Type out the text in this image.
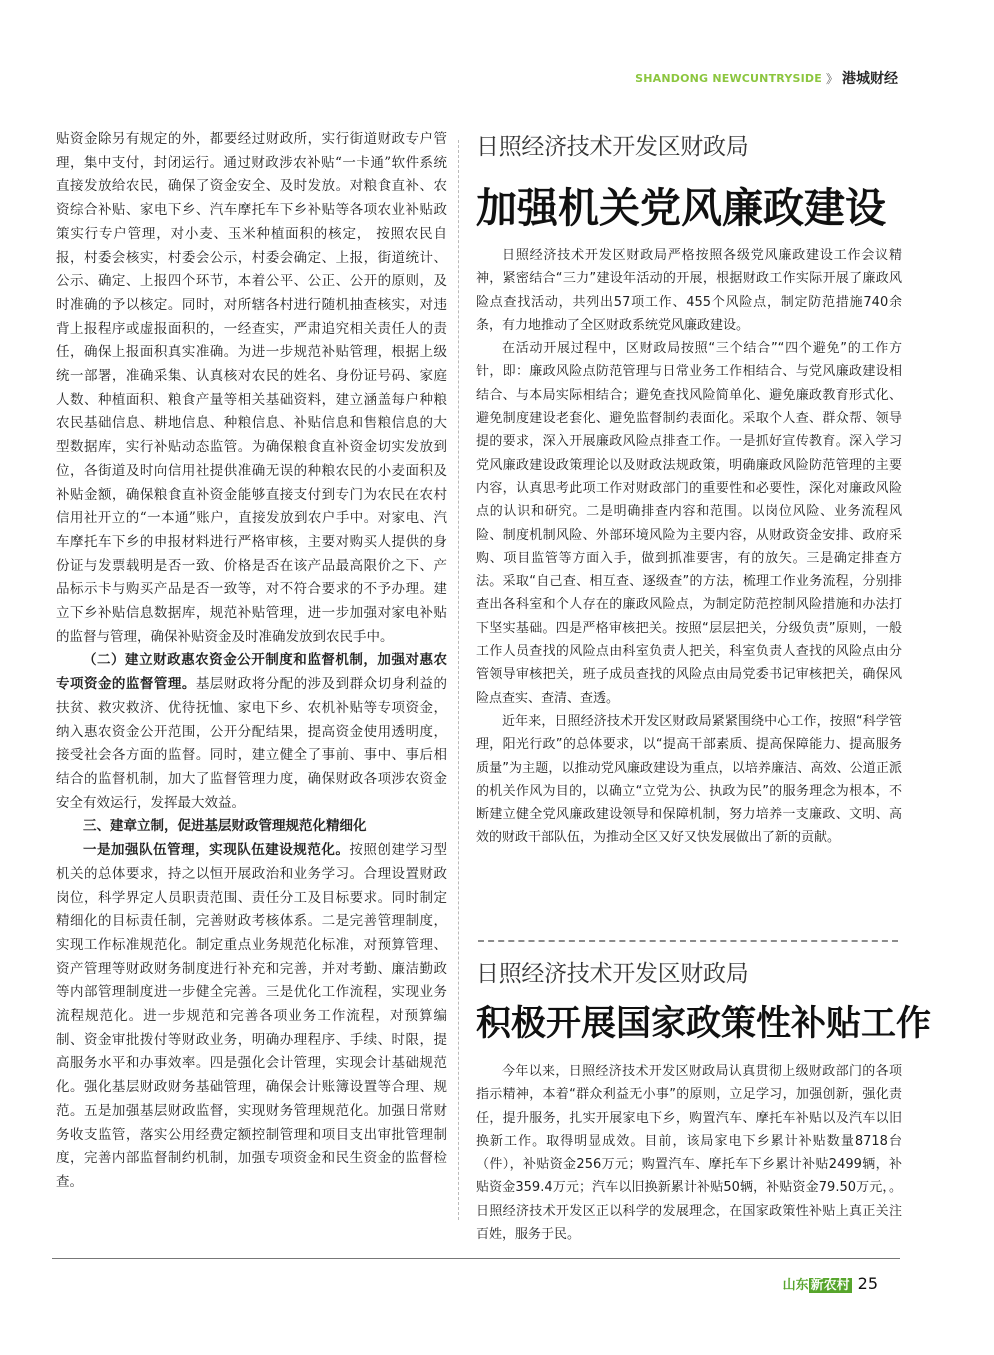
SHANDONG NEWCUNTRYSIDE 》 港城财经

贴资金除另有规定的外，都要经过财政所，实行街道财政专户管理，集中支付，封闭运行。通过财政涉农补贴“一卡通”软件系统直接发放给农民，确保了资金安全、及时发放。对粮食直补、农资综合补贴、家电下乡、汽车摩托车下乡补贴等各项农业补贴政策实行专户管理，对小麦、玉米种植面积的核定， 按照农民自报，村委会核实，村委会公示，村委会确定、上报，街道统计、公示、确定、上报四个环节，本着公平、公正、公开的原则，及时准确的予以核定。同时，对所辖各村进行随机抽查核实，对违背上报程序或虚报面积的，一经查实，严肃追究相关责任人的责任，确保上报面积真实准确。为进一步规范补贴管理，根据上级统一部署，准确采集、认真核对农民的姓名、身份证号码、家庭人数、种植面积、粮食产量等相关基础资料，建立涵盖每户种粮农民基础信息、耕地信息、种粮信息、补贴信息和售粮信息的大型数据库，实行补贴动态监管。为确保粮食直补资金切实发放到位，各街道及时向信用社提供准确无误的种粮农民的小麦面积及补贴金额，确保粮食直补资金能够直接支付到专门为农民在农村信用社开立的“一本通”账户，直接发放到农户手中。对家电、汽车摩托车下乡的申报材料进行严格审核，主要对购买人提供的身份证与发票载明是否一致、价格是否在该产品最高限价之下、产品标示卡与购买产品是否一致等，对不符合要求的不予办理。建立下乡补贴信息数据库，规范补贴管理，进一步加强对家电补贴的监督与管理，确保补贴资金及时准确发放到农民手中。

（二）建立财政惠农资金公开制度和监督机制，加强对惠农专项资金的监督管理。基层财政将分配的涉及到群众切身利益的扶贫、救灾救济、优待抚恤、家电下乡、农机补贴等专项资金，纳入惠农资金公开范围，公开分配结果，提高资金使用透明度，接受社会各方面的监督。同时，建立健全了事前、事中、事后相结合的监督机制，加大了监督管理力度，确保财政各项涉农资金安全有效运行，发挥最大效益。

三、建章立制，促进基层财政管理规范化精细化

一是加强队伍管理，实现队伍建设规范化。按照创建学习型机关的总体要求，持之以恒开展政治和业务学习。合理设置财政岗位，科学界定人员职责范围、责任分工及目标要求。同时制定精细化的目标责任制，完善财政考核体系。二是完善管理制度，实现工作标准规范化。制定重点业务规范化标准，对预算管理、资产管理等财政财务制度进行补充和完善，并对考勤、廉洁勤政等内部管理制度进一步健全完善。三是优化工作流程，实现业务流程规范化。进一步规范和完善各项业务工作流程，对预算编制、资金审批拨付等财政业务，明确办理程序、手续、时限，提高服务水平和办事效率。四是强化会计管理，实现会计基础规范化。强化基层财政财务基础管理，确保会计账簿设置等合理、规范。五是加强基层财政监督，实现财务管理规范化。加强日常财务收支监管，落实公用经费定额控制管理和项目支出审批管理制度，完善内部监督制约机制，加强专项资金和民生资金的监督检查。

日照经济技术开发区财政局
加强机关党风廉政建设

日照经济技术开发区财政局严格按照各级党风廉政建设工作会议精神，紧密结合“三力”建设年活动的开展，根据财政工作实际开展了廉政风险点查找活动，共列出57项工作、455个风险点，制定防范措施740余条，有力地推动了全区财政系统党风廉政建设。

在活动开展过程中，区财政局按照“三个结合”“四个避免”的工作方针，即：廉政风险点防范管理与日常业务工作相结合、与党风廉政建设相结合、与本局实际相结合；避免查找风险简单化、避免廉政教育形式化、避免制度建设老套化、避免监督制约表面化。采取个人查、群众帮、领导提的要求，深入开展廉政风险点排查工作。一是抓好宣传教育。深入学习党风廉政建设政策理论以及财政法规政策，明确廉政风险防范管理的主要内容，认真思考此项工作对财政部门的重要性和必要性，深化对廉政风险点的认识和研究。二是明确排查内容和范围。以岗位风险、业务流程风险、制度机制风险、外部环境风险为主要内容，从财政资金安排、政府采购、项目监管等方面入手，做到抓准要害，有的放矢。三是确定排查方法。采取“自己查、相互查、逐级查”的方法，梳理工作业务流程，分别排查出各科室和个人存在的廉政风险点，为制定防范控制风险措施和办法打下坚实基础。四是严格审核把关。按照“层层把关，分级负责”原则，一般工作人员查找的风险点由科室负责人把关，科室负责人查找的风险点由分管领导审核把关，班子成员查找的风险点由局党委书记审核把关，确保风险点查实、查清、查透。

近年来，日照经济技术开发区财政局紧紧围绕中心工作，按照“科学管理，阳光行政”的总体要求，以“提高干部素质、提高保障能力、提高服务质量”为主题，以推动党风廉政建设为重点，以培养廉洁、高效、公道正派的机关作风为目的，以确立“立党为公、执政为民”的服务理念为根本，不断建立健全党风廉政建设领导和保障机制，努力培养一支廉政、文明、高效的财政干部队伍，为推动全区又好又快发展做出了新的贡献。

日照经济技术开发区财政局
积极开展国家政策性补贴工作

今年以来，日照经济技术开发区财政局认真贯彻上级财政部门的各项指示精神，本着“群众利益无小事”的原则，立足学习，加强创新，强化责任，提升服务，扎实开展家电下乡，购置汽车、摩托车补贴以及汽车以旧换新工作。取得明显成效。目前，该局家电下乡累计补贴数量8718台（件），补贴资金256万元；购置汽车、摩托车下乡累计补贴2499辆，补贴资金359.4万元；汽车以旧换新累计补贴50辆，补贴资金79.50万元，。日照经济技术开发区正以科学的发展理念，在国家政策性补贴上真正关注百姓，服务于民。

山东 新农村 25
